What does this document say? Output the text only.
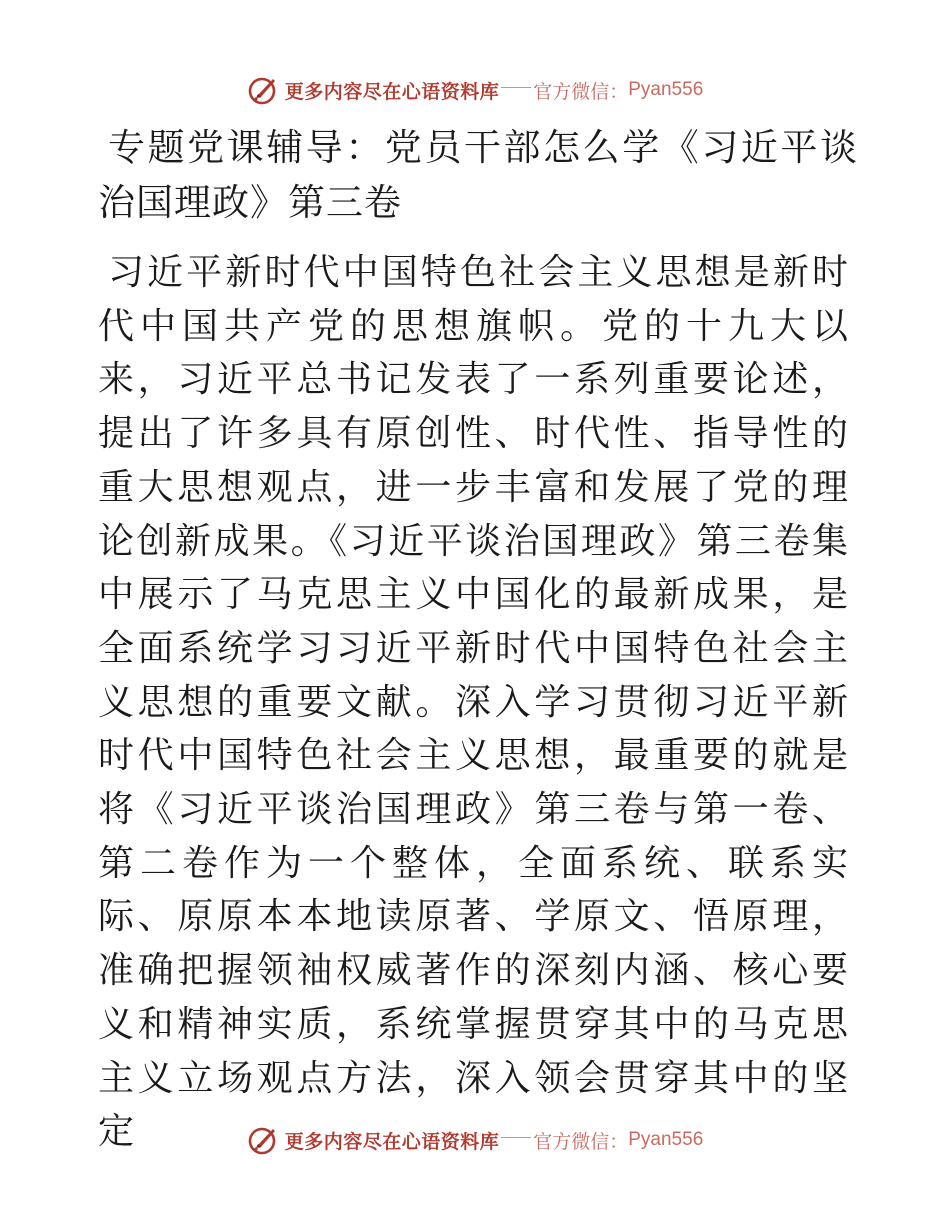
更多内容尽在心语资料库 官方微信： Pyan556
专题党课辅导：党员干部怎么学《习近平谈治国理政》第三卷

习近平新时代中国特色社会主义思想是新时代中国共产党的思想旗帜。党的十九大以来，习近平总书记发表了一系列重要论述，提出了许多具有原创性、时代性、指导性的重大思想观点，进一步丰富和发展了党的理论创新成果。《习近平谈治国理政》第三卷集中展示了马克思主义中国化的最新成果，是全面系统学习习近平新时代中国特色社会主义思想的重要文献。深入学习贯彻习近平新时代中国特色社会主义思想，最重要的就是将《习近平谈治国理政》第三卷与第一卷、第二卷作为一个整体，全面系统、联系实际、原原本本地读原著、学原文、悟原理，准确把握领袖权威著作的深刻内涵、核心要义和精神实质，系统掌握贯穿其中的马克思主义立场观点方法，深入领会贯穿其中的坚定	更多内容尽在心语资料库 官方微信： Pyan556
